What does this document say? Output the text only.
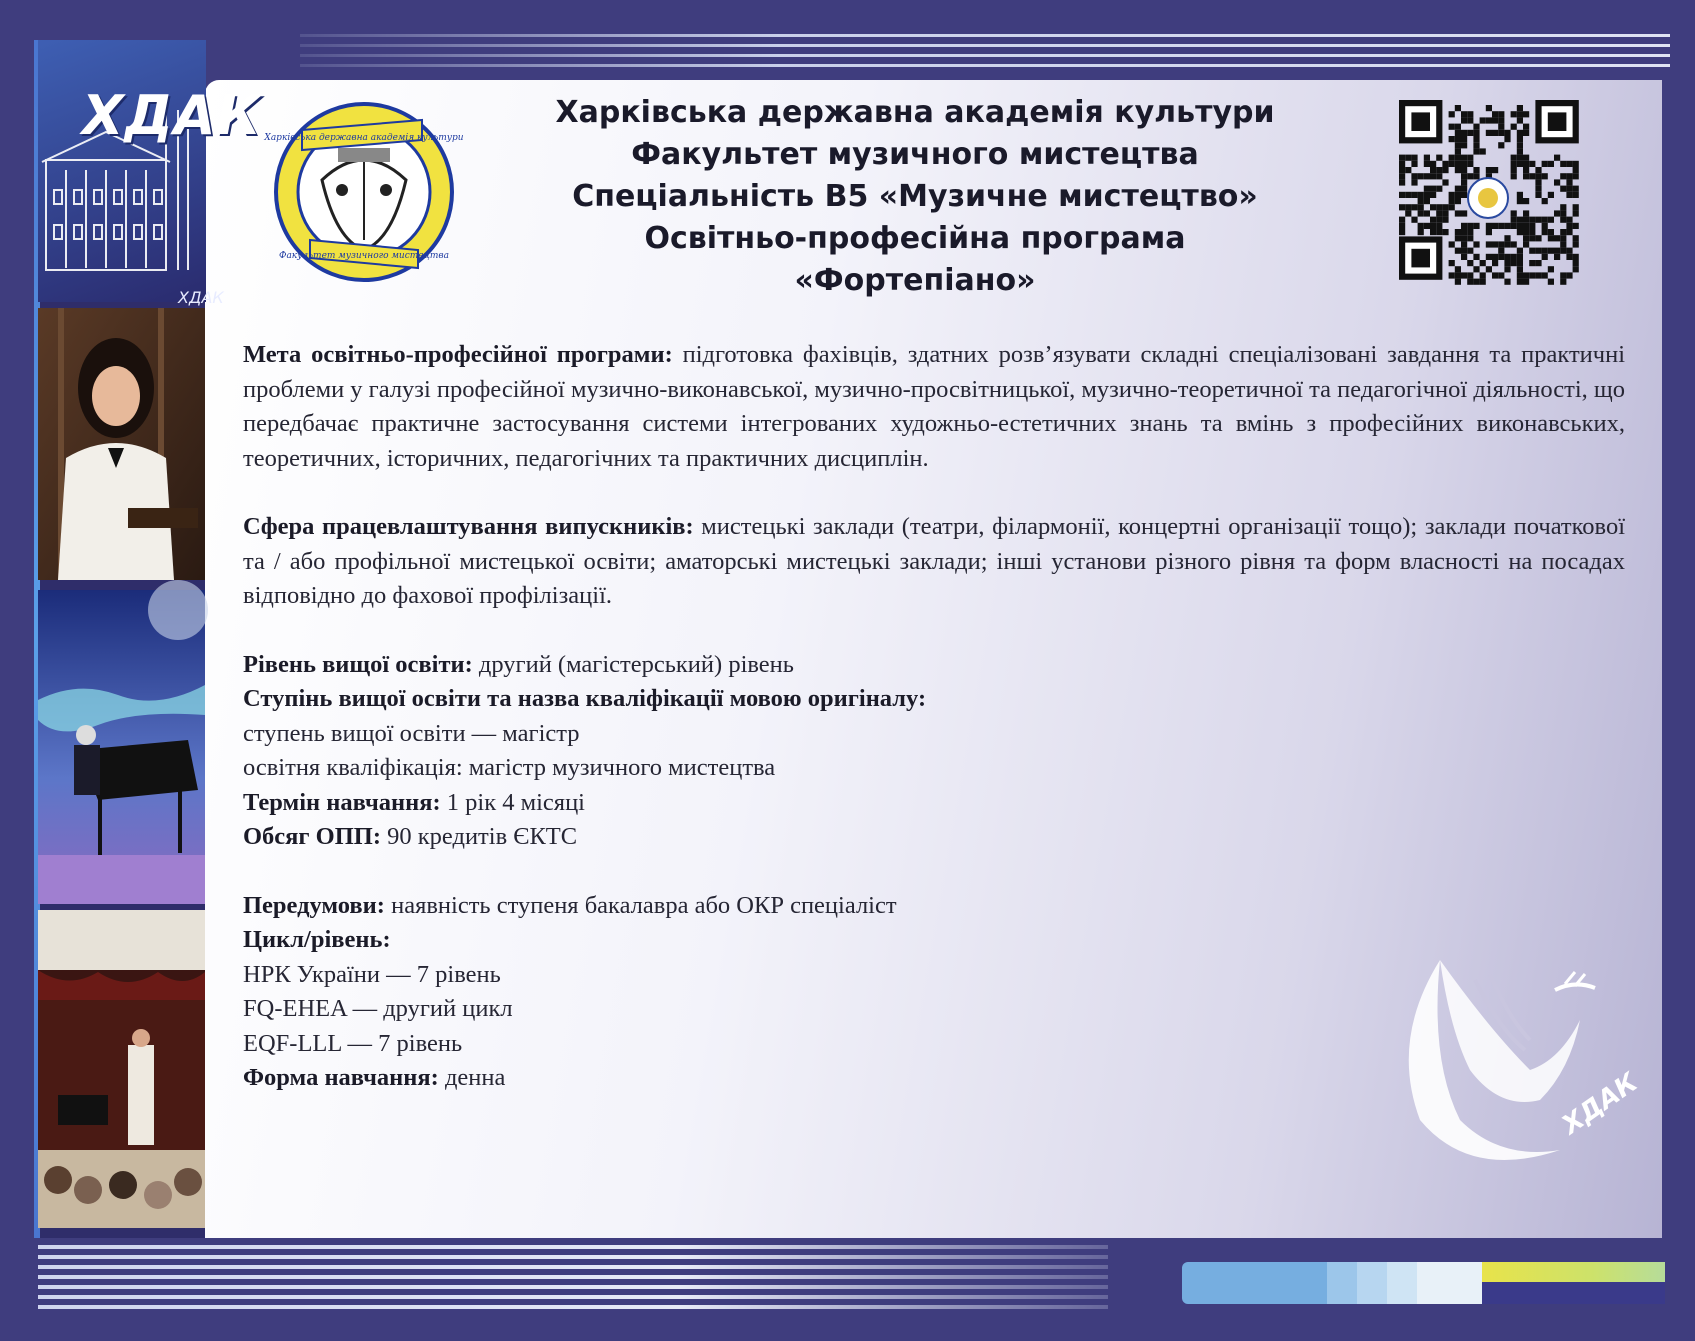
ХДАК
ХДАК
Харківська державна академія культури
Факультет музичного мистецтва
Харківська державна академія культури
Факультет музичного мистецтва
Спеціальність В5 «Музичне мистецтво»
Освітньо-професійна програма
«Фортепіано»
Мета освітньо-професійної програми: підготовка фахівців, здатних розв’язувати складні спеціалізовані завдання та практичні проблеми у галузі професійної музично-виконавської, музично-просвітницької, музично-теоретичної та педагогічної діяльності, що передбачає практичне застосування системи інтегрованих художньо-естетичних знань та вмінь з професійних виконавських, теоретичних, історичних, педагогічних та практичних дисциплін.
Сфера працевлаштування випускників: мистецькі заклади (театри, філармонії, концертні організації тощо); заклади початкової та / або профільної мистецької освіти; аматорські мистецькі заклади; інші установи різного рівня та форм власності на посадах відповідно до фахової профілізації.
Рівень вищої освіти: другий (магістерський) рівень
Ступінь вищої освіти та назва кваліфікації мовою оригіналу:
ступень вищої освіти — магістр
освітня кваліфікація: магістр музичного мистецтва
Термін навчання: 1 рік 4 місяці
Обсяг ОПП: 90 кредитів ЄКТС
Передумови: наявність ступеня бакалавра або ОКР спеціаліст
Цикл/рівень:
НРК України — 7 рівень
FQ-EHEA — другий цикл
EQF-LLL — 7 рівень
Форма навчання: денна	ХДАК
